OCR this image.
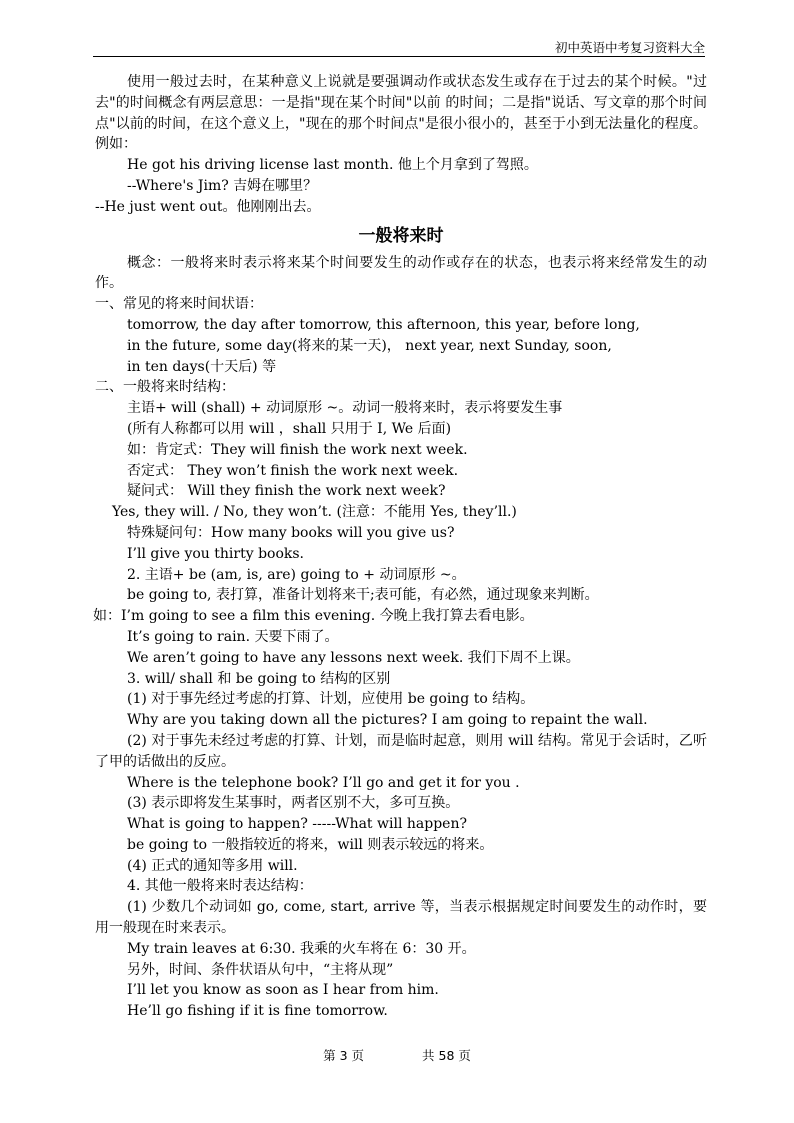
初中英语中考复习资料大全

使用一般过去时，在某种意义上说就是要强调动作或状态发生或存在于过去的某个时候。"过去"的时间概念有两层意思：一是指"现在某个时间"以前 的时间；二是指"说话、写文章的那个时间点"以前的时间，在这个意义上，"现在的那个时间点"是很小很小的，甚至于小到无法量化的程度。例如：

He got his driving license last month. 他上个月拿到了驾照。

--Where's Jim? 吉姆在哪里？

--He just went out。他刚刚出去。

一般将来时

概念：一般将来时表示将来某个时间要发生的动作或存在的状态，也表示将来经常发生的动作。

一、常见的将来时间状语：

tomorrow, the day after tomorrow, this afternoon, this year, before long,

in the future, some day(将来的某一天)， next year, next Sunday, soon,

in ten days(十天后) 等

二、一般将来时结构：

主语+ will (shall) + 动词原形 ~。动词一般将来时，表示将要发生事

(所有人称都可以用 will ，shall 只用于 I, We 后面)

如：肯定式：They will finish the work next week.

否定式： They won’t finish the work next week.

疑问式： Will they finish the work next week?

Yes, they will. / No, they won’t. (注意：不能用 Yes, they’ll.)

特殊疑问句：How many books will you give us?

I’ll give you thirty books.

2. 主语+ be (am, is, are) going to + 动词原形 ~。

be going to, 表打算，准备计划将来干;表可能，有必然，通过现象来判断。

如：I’m going to see a film this evening. 今晚上我打算去看电影。

It’s going to rain. 天要下雨了。

We aren’t going to have any lessons next week. 我们下周不上课。

3. will/ shall 和 be going to 结构的区别

(1) 对于事先经过考虑的打算、计划，应使用 be going to 结构。

Why are you taking down all the pictures? I am going to repaint the wall.

(2) 对于事先未经过考虑的打算、计划，而是临时起意，则用 will 结构。常见于会话时，乙听了甲的话做出的反应。

Where is the telephone book? I’ll go and get it for you .

(3) 表示即将发生某事时，两者区别不大，多可互换。

What is going to happen? -----What will happen?

be going to 一般指较近的将来，will 则表示较远的将来。

(4) 正式的通知等多用 will.

4. 其他一般将来时表达结构：

(1) 少数几个动词如 go, come, start, arrive 等，当表示根据规定时间要发生的动作时，要用一般现在时来表示。

My train leaves at 6:30. 我乘的火车将在 6：30 开。

另外，时间、条件状语从句中，“主将从现”

I’ll let you know as soon as I hear from him.

He’ll go fishing if it is fine tomorrow.

第 3 页	共 58 页
